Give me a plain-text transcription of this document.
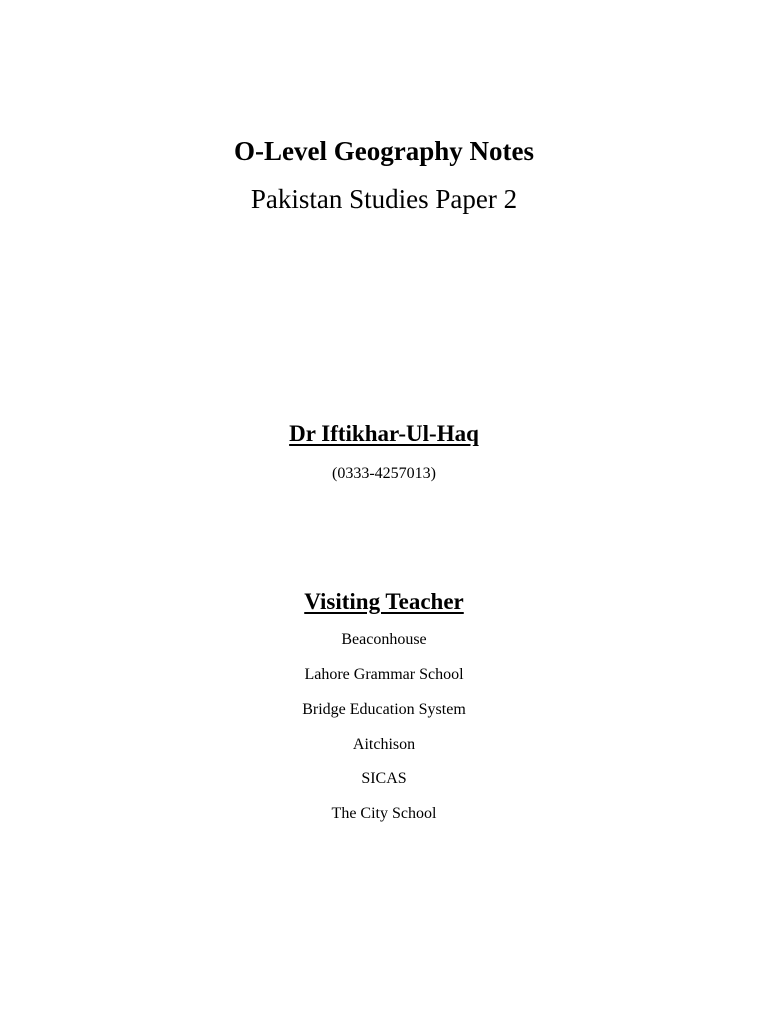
O-Level Geography Notes
Pakistan Studies Paper 2
Dr Iftikhar-Ul-Haq
(0333-4257013)
Visiting Teacher
Beaconhouse
Lahore Grammar School
Bridge Education System
Aitchison
SICAS
The City School
